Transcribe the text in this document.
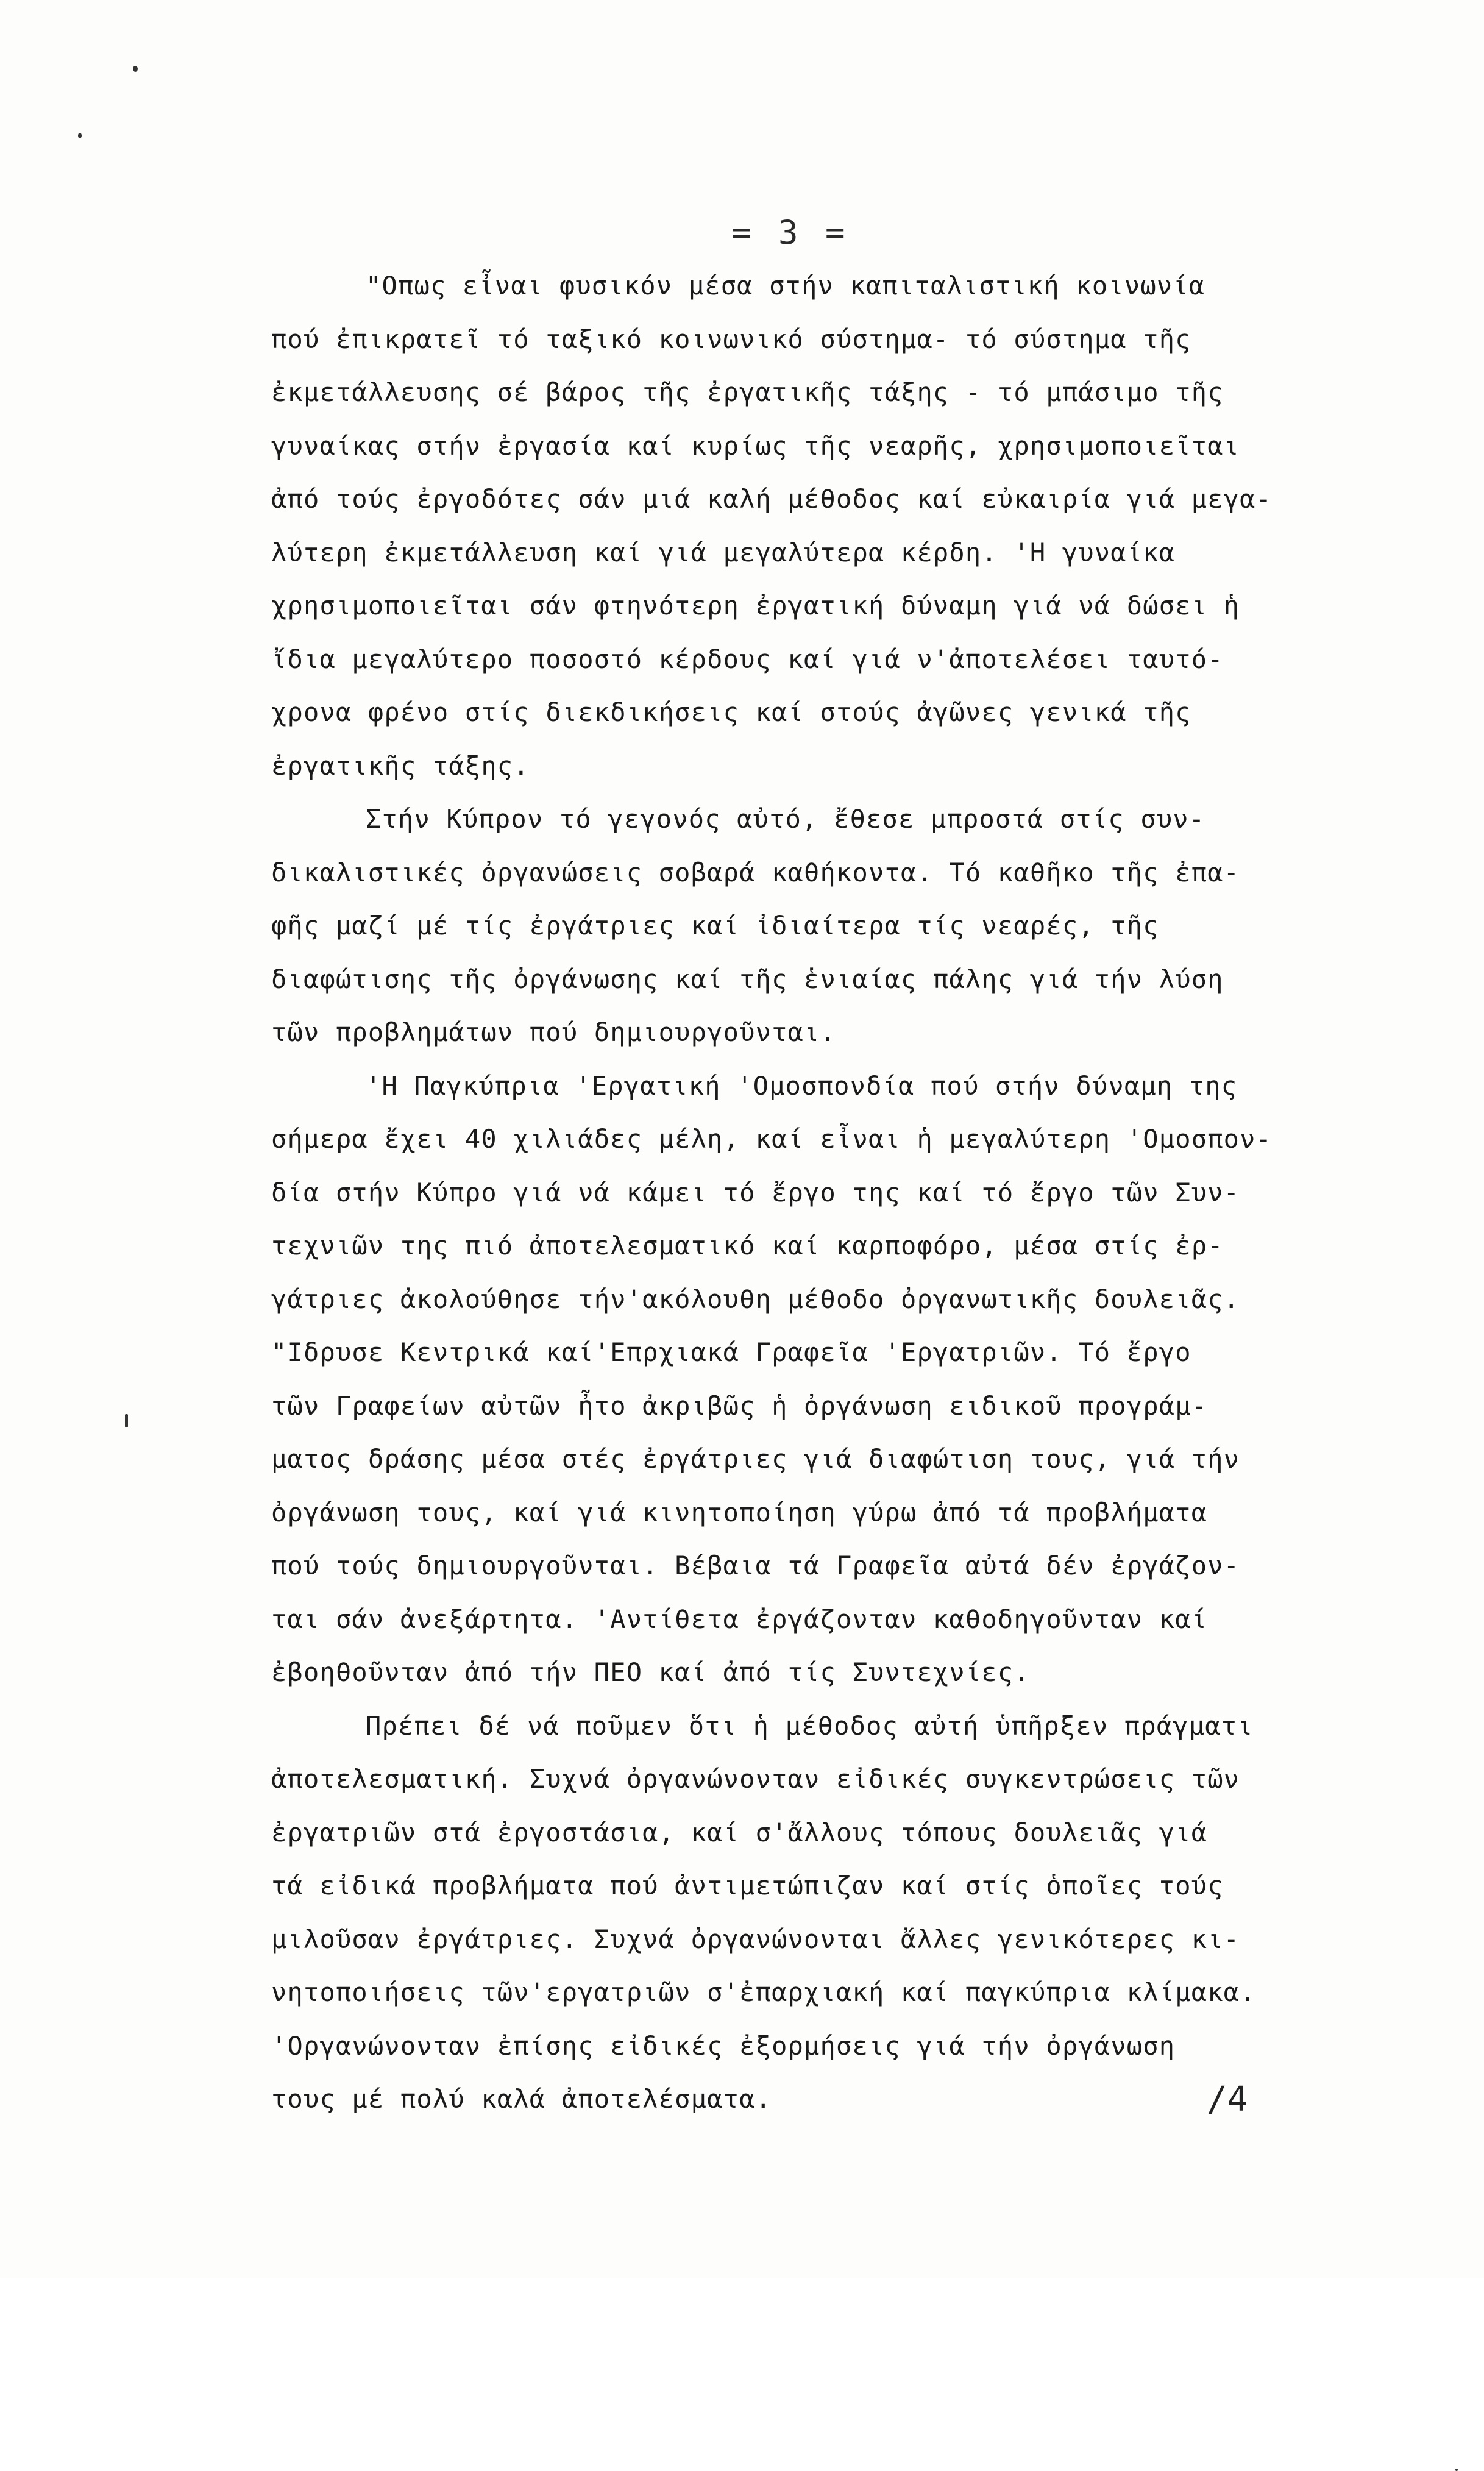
= 3 =
"Οπως εἶναι φυσικόν μέσα στήν καπιταλιστική κοινωνία
πού ἐπικρατεῖ τό ταξικό κοινωνικό σύστημα- τό σύστημα τῆς
ἐκμετάλλευσης σέ βάρος τῆς ἐργατικῆς τάξης - τό μπάσιμο τῆς
γυναίκας στήν ἐργασία καί κυρίως τῆς νεαρῆς, χρησιμοποιεῖται
ἀπό τούς ἐργοδότες σάν μιά καλή μέθοδος καί εὐκαιρία γιά μεγα-
λύτερη ἐκμετάλλευση καί γιά μεγαλύτερα κέρδη. 'Η γυναίκα
χρησιμοποιεῖται σάν φτηνότερη ἐργατική δύναμη γιά νά δώσει ἡ
ἴδια μεγαλύτερο ποσοστό κέρδους καί γιά ν'ἀποτελέσει ταυτό-
χρονα φρένο στίς διεκδικήσεις καί στούς ἀγῶνες γενικά τῆς
ἐργατικῆς τάξης.
Στήν Κύπρον τό γεγονός αὐτό, ἔθεσε μπροστά στίς συν-
δικαλιστικές ὀργανώσεις σοβαρά καθήκοντα. Τό καθῆκο τῆς ἐπα-
φῆς μαζί μέ τίς ἐργάτριες καί ἰδιαίτερα τίς νεαρές, τῆς
διαφώτισης τῆς ὀργάνωσης καί τῆς ἑνιαίας πάλης γιά τήν λύση
τῶν προβλημάτων πού δημιουργοῦνται.
'Η Παγκύπρια 'Εργατική 'Ομοσπονδία πού στήν δύναμη της
σήμερα ἔχει 40 χιλιάδες μέλη, καί εἶναι ἡ μεγαλύτερη 'Ομοσπον-
δία στήν Κύπρο γιά νά κάμει τό ἔργο της καί τό ἔργο τῶν Συν-
τεχνιῶν της πιό ἀποτελεσματικό καί καρποφόρο, μέσα στίς ἐρ-
γάτριες ἀκολούθησε τήν'ακόλουθη μέθοδο ὀργανωτικῆς δουλειᾶς.
"Ιδρυσε Κεντρικά καί'Επρχιακά Γραφεῖα 'Εργατριῶν. Τό ἔργο
τῶν Γραφείων αὐτῶν ἦτο ἀκριβῶς ἡ ὀργάνωση ειδικοῦ προγράμ-
ματος δράσης μέσα στές ἐργάτριες γιά διαφώτιση τους, γιά τήν
ὀργάνωση τους, καί γιά κινητοποίηση γύρω ἀπό τά προβλήματα
πού τούς δημιουργοῦνται. Βέβαια τά Γραφεῖα αὐτά δέν ἐργάζον-
ται σάν ἀνεξάρτητα. 'Αντίθετα ἐργάζονταν καθοδηγοῦνταν καί
ἐβοηθοῦνταν ἀπό τήν ΠΕΟ καί ἀπό τίς Συντεχνίες.
Πρέπει δέ νά ποῦμεν ὅτι ἡ μέθοδος αὐτή ὑπῆρξεν πράγματι
ἀποτελεσματική. Συχνά ὀργανώνονταν εἰδικές συγκεντρώσεις τῶν
ἐργατριῶν στά ἐργοστάσια, καί σ'ἄλλους τόπους δουλειᾶς γιά
τά εἰδικά προβλήματα πού ἀντιμετώπιζαν καί στίς ὁποῖες τούς
μιλοῦσαν ἐργάτριες. Συχνά ὀργανώνονται ἄλλες γενικότερες κι-
νητοποιήσεις τῶν'εργατριῶν σ'ἐπαρχιακή καί παγκύπρια κλίμακα.
'Οργανώνονταν ἐπίσης εἰδικές ἐξορμήσεις γιά τήν ὀργάνωση
τους μέ πολύ καλά ἀποτελέσματα.	/4
